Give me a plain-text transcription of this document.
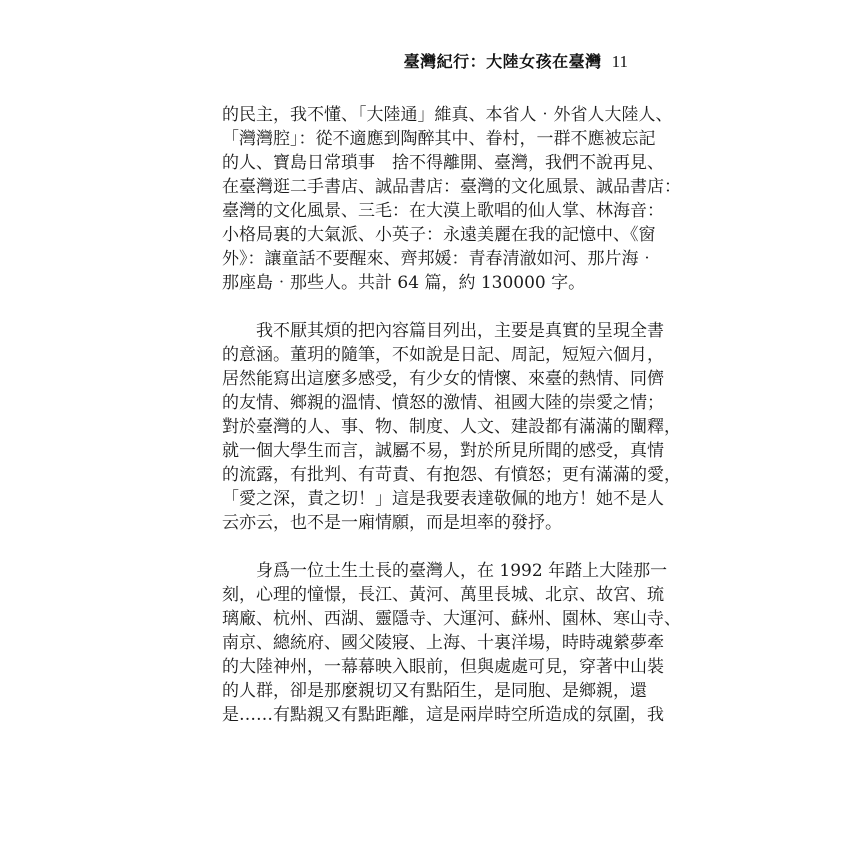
臺灣紀行：大陸女孩在臺灣 11
的民主，我不懂、「大陸通」維真、本省人‧外省人大陸人、
「灣灣腔」：從不適應到陶醉其中、眷村，一群不應被忘記
的人、寶島日常瑣事　捨不得離開、臺灣，我們不說再見、
在臺灣逛二手書店、誠品書店：臺灣的文化風景、誠品書店：
臺灣的文化風景、三毛：在大漠上歌唱的仙人掌、林海音：
小格局裏的大氣派、小英子：永遠美麗在我的記憶中、《窗
外》：讓童話不要醒來、齊邦媛：青春清澈如河、那片海‧
那座島‧那些人。共計 64 篇，約 130000 字。
　　我不厭其煩的把內容篇目列出，主要是真實的呈現全書
的意涵。董玥的隨筆，不如說是日記、周記，短短六個月，
居然能寫出這麼多感受，有少女的情懷、來臺的熱情、同儕
的友情、鄉親的溫情、憤怒的激情、祖國大陸的崇愛之情；
對於臺灣的人、事、物、制度、人文、建設都有滿滿的闡釋，
就一個大學生而言，誠屬不易，對於所見所聞的感受，真情
的流露，有批判、有苛責、有抱怨、有憤怒；更有滿滿的愛，
「愛之深，責之切！」這是我要表達敬佩的地方！她不是人
云亦云，也不是一廂情願，而是坦率的發抒。
　　身爲一位土生土長的臺灣人，在 1992 年踏上大陸那一
刻，心理的憧憬，長江、黃河、萬里長城、北京、故宮、琉
璃廠、杭州、西湖、靈隱寺、大運河、蘇州、園林、寒山寺、
南京、總統府、國父陵寢、上海、十裏洋場，時時魂縈夢牽
的大陸神州，一幕幕映入眼前，但與處處可見，穿著中山裝
的人群，卻是那麼親切又有點陌生，是同胞、是鄉親，還
是……有點親又有點距離，這是兩岸時空所造成的氛圍，我
